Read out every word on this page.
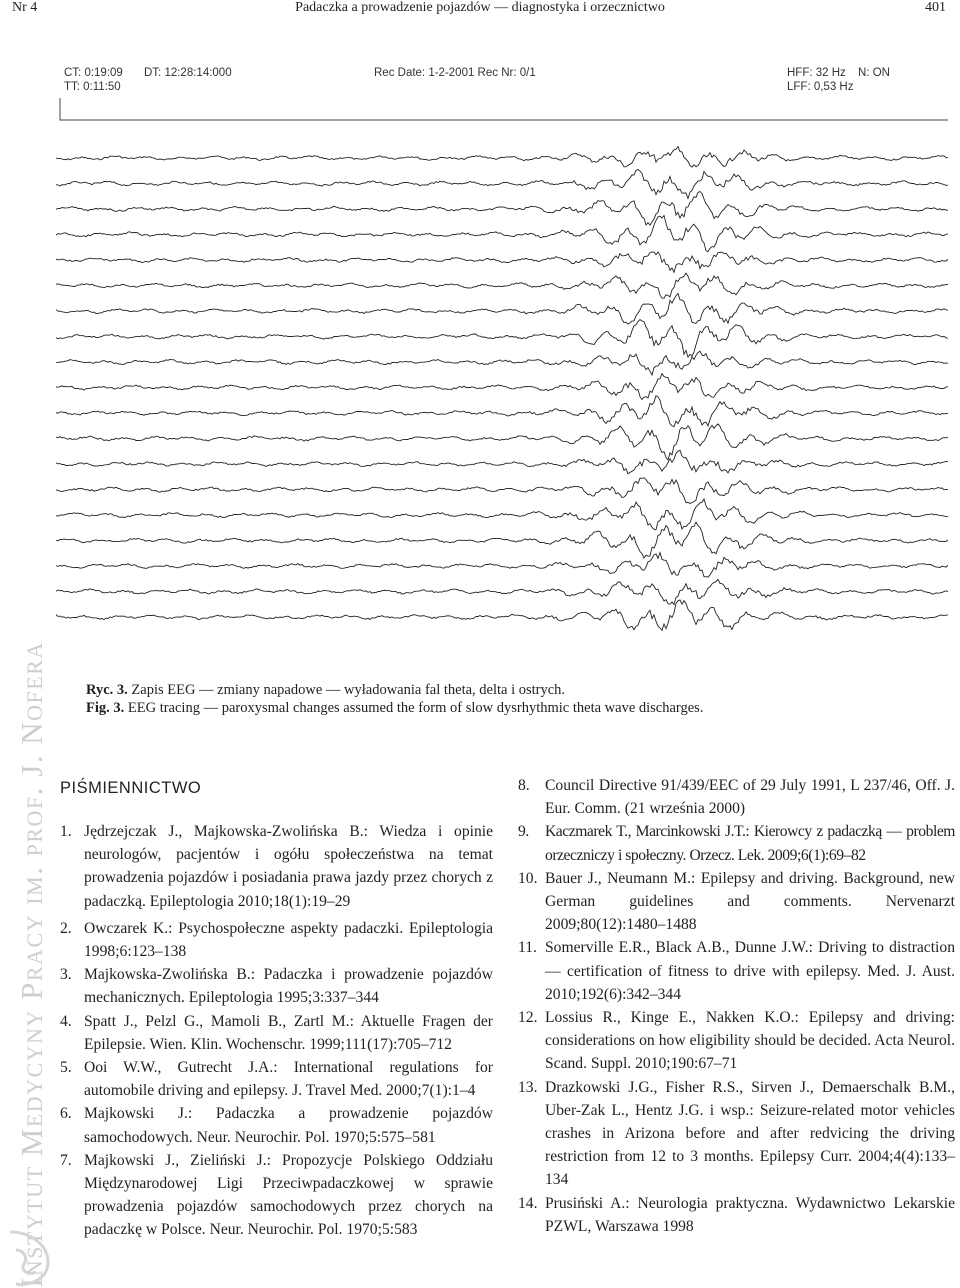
Nr 4	Padaczka a prowadzenie pojazdów — diagnostyka i orzecznictwo	401
Instytut Medycyny Pracy im. prof. J. Nofera
CT: 0:19:09
TT: 0:11:50
DT: 12:28:14:000	Rec Date: 1-2-2001 Rec Nr: 0/1	HFF: 32 Hz
LFF: 0,53 Hz
N: ON
Ryc. 3. Zapis EEG — zmiany napadowe — wyładowania fal theta, delta i ostrych.
Fig. 3. EEG tracing — paroxysmal changes assumed the form of slow dysrhythmic theta wave discharges.
PIŚMIENNICTWO
1. Jędrzejczak J., Majkowska-Zwolińska B.: Wiedza i opinie neurologów, pacjentów i ogółu społeczeństwa na temat prowadzenia pojazdów i posiadania prawa jazdy przez chorych z padaczką. Epileptologia 2010;18(1):19–29
2. Owczarek K.: Psychospołeczne aspekty padaczki. Epileptologia 1998;6:123–138
3. Majkowska-Zwolińska B.: Padaczka i prowadzenie pojazdów mechanicznych. Epileptologia 1995;3:337–344
4. Spatt J., Pelzl G., Mamoli B., Zartl M.: Aktuelle Fragen der Epilepsie. Wien. Klin. Wochenschr. 1999;111(17):705–712
5. Ooi W.W., Gutrecht J.A.: International regulations for automobile driving and epilepsy. J. Travel Med. 2000;7(1):1–4
6. Majkowski J.: Padaczka a prowadzenie pojazdów samochodowych. Neur. Neurochir. Pol. 1970;5:575–581
7. Majkowski J., Zieliński J.: Propozycje Polskiego Oddziału Międzynarodowej Ligi Przeciwpadaczkowej w sprawie prowadzenia pojazdów samochodowych przez chorych na padaczkę w Polsce. Neur. Neurochir. Pol. 1970;5:583
8. Council Directive 91/439/EEC of 29 July 1991, L 237/46, Off. J. Eur. Comm. (21 września 2000)
9. Kaczmarek T., Marcinkowski J.T.: Kierowcy z padaczką — problem orzeczniczy i społeczny. Orzecz. Lek. 2009;6(1):69–82
10. Bauer J., Neumann M.: Epilepsy and driving. Background, new German guidelines and comments. Nervenarzt 2009;80(12):1480–1488
11. Somerville E.R., Black A.B., Dunne J.W.: Driving to distraction — certification of fitness to drive with epilepsy. Med. J. Aust. 2010;192(6):342–344
12. Lossius R., Kinge E., Nakken K.O.: Epilepsy and driving: considerations on how eligibility should be decided. Acta Neurol. Scand. Suppl. 2010;190:67–71
13. Drazkowski J.G., Fisher R.S., Sirven J., Demaerschalk B.M., Uber-Zak L., Hentz J.G. i wsp.: Seizure-related motor vehicles crashes in Arizona before and after redvicing the driving restriction from 12 to 3 months. Epilepsy Curr. 2004;4(4):133–134
14. Prusiński A.: Neurologia praktyczna. Wydawnictwo Lekarskie PZWL, Warszawa 1998
